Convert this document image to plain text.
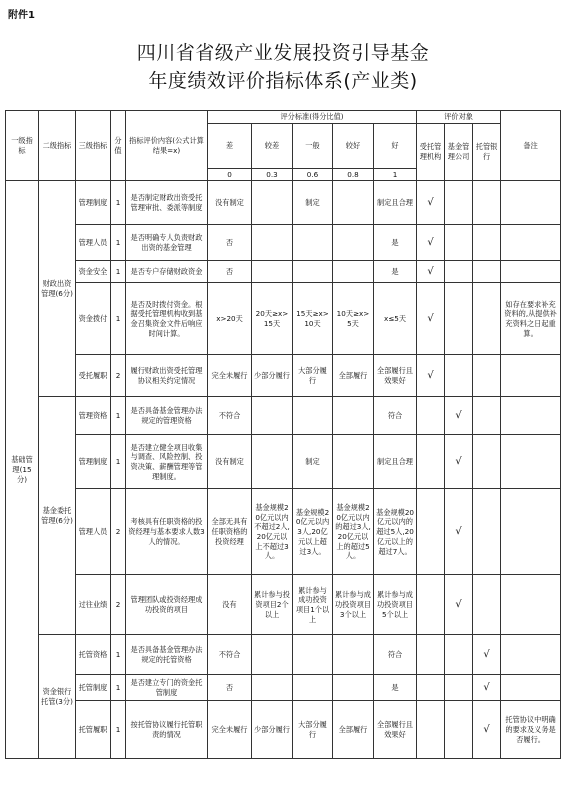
附件1
四川省省级产业发展投资引导基金
年度绩效评价指标体系(产业类)
一级指标	二级指标	三级指标	分值	指标评价内容(公式计算结果=x)	评分标准(得分比值)					评价对象			备注
					差	较差	一般	较好	好	受托管理机构	基金管理公司	托管银行	
					0	0.3	0.6	0.8	1				
基础管理(15分)	财政出资管理(6分)	管理制度	1	是否制定财政出资受托管理审批、委派等制度	没有制定		制定		制定且合理	√			
		管理人员	1	是否明确专人负责财政出资的基金管理	否				是	√			
		资金安全	1	是否专户存储财政资金	否				是	√			
		资金拨付	1	是否及时拨付资金。根据受托管理机构收到基金召集资金文件后响应时间计算。	x>20天	20天≥x>15天	15天≥x>10天	10天≥x>5天	x≤5天	√			如存在要求补充资料的,从提供补充资料之日起重算。
		受托履职	2	履行财政出资受托管理协议相关约定情况	完全未履行	少部分履行	大部分履行	全部履行	全部履行且效果好	√			
	基金委托管理(6分)	管理资格	1	是否具备基金管理办法规定的管理资格	不符合				符合		√		
		管理制度	1	是否建立健全项目收集与调查、风险控制、投资决策、薪酬管理等管理制度。	没有制定		制定		制定且合理		√		
		管理人员	2	考核具有任职资格的投资经理与基本要求人数3人的情况。	全部无具有任职资格的投资经理	基金规模20亿元以内不超过2人,20亿元以上不超过3人。	基金规模20亿元以内3人,20亿元以上超过3人。	基金规模20亿元以内的超过3人,20亿元以上的超过5人。	基金规模20亿元以内的超过5人,20亿元以上的超过7人。		√		
		过往业绩	2	管理团队或投资经理成功投资的项目	没有	累计参与投资项目2个以上	累计参与成功投资项目1个以上	累计参与成功投资项目3个以上	累计参与成功投资项目5个以上		√		
	资金银行托管(3分)	托管资格	1	是否具备基金管理办法规定的托管资格	不符合				符合			√	
		托管制度	1	是否建立专门的资金托管制度	否				是			√	
		托管履职	1	按托管协议履行托管职责的情况	完全未履行	少部分履行	大部分履行	全部履行	全部履行且效果好			√	托管协议中明确的要求及义务是否履行。
